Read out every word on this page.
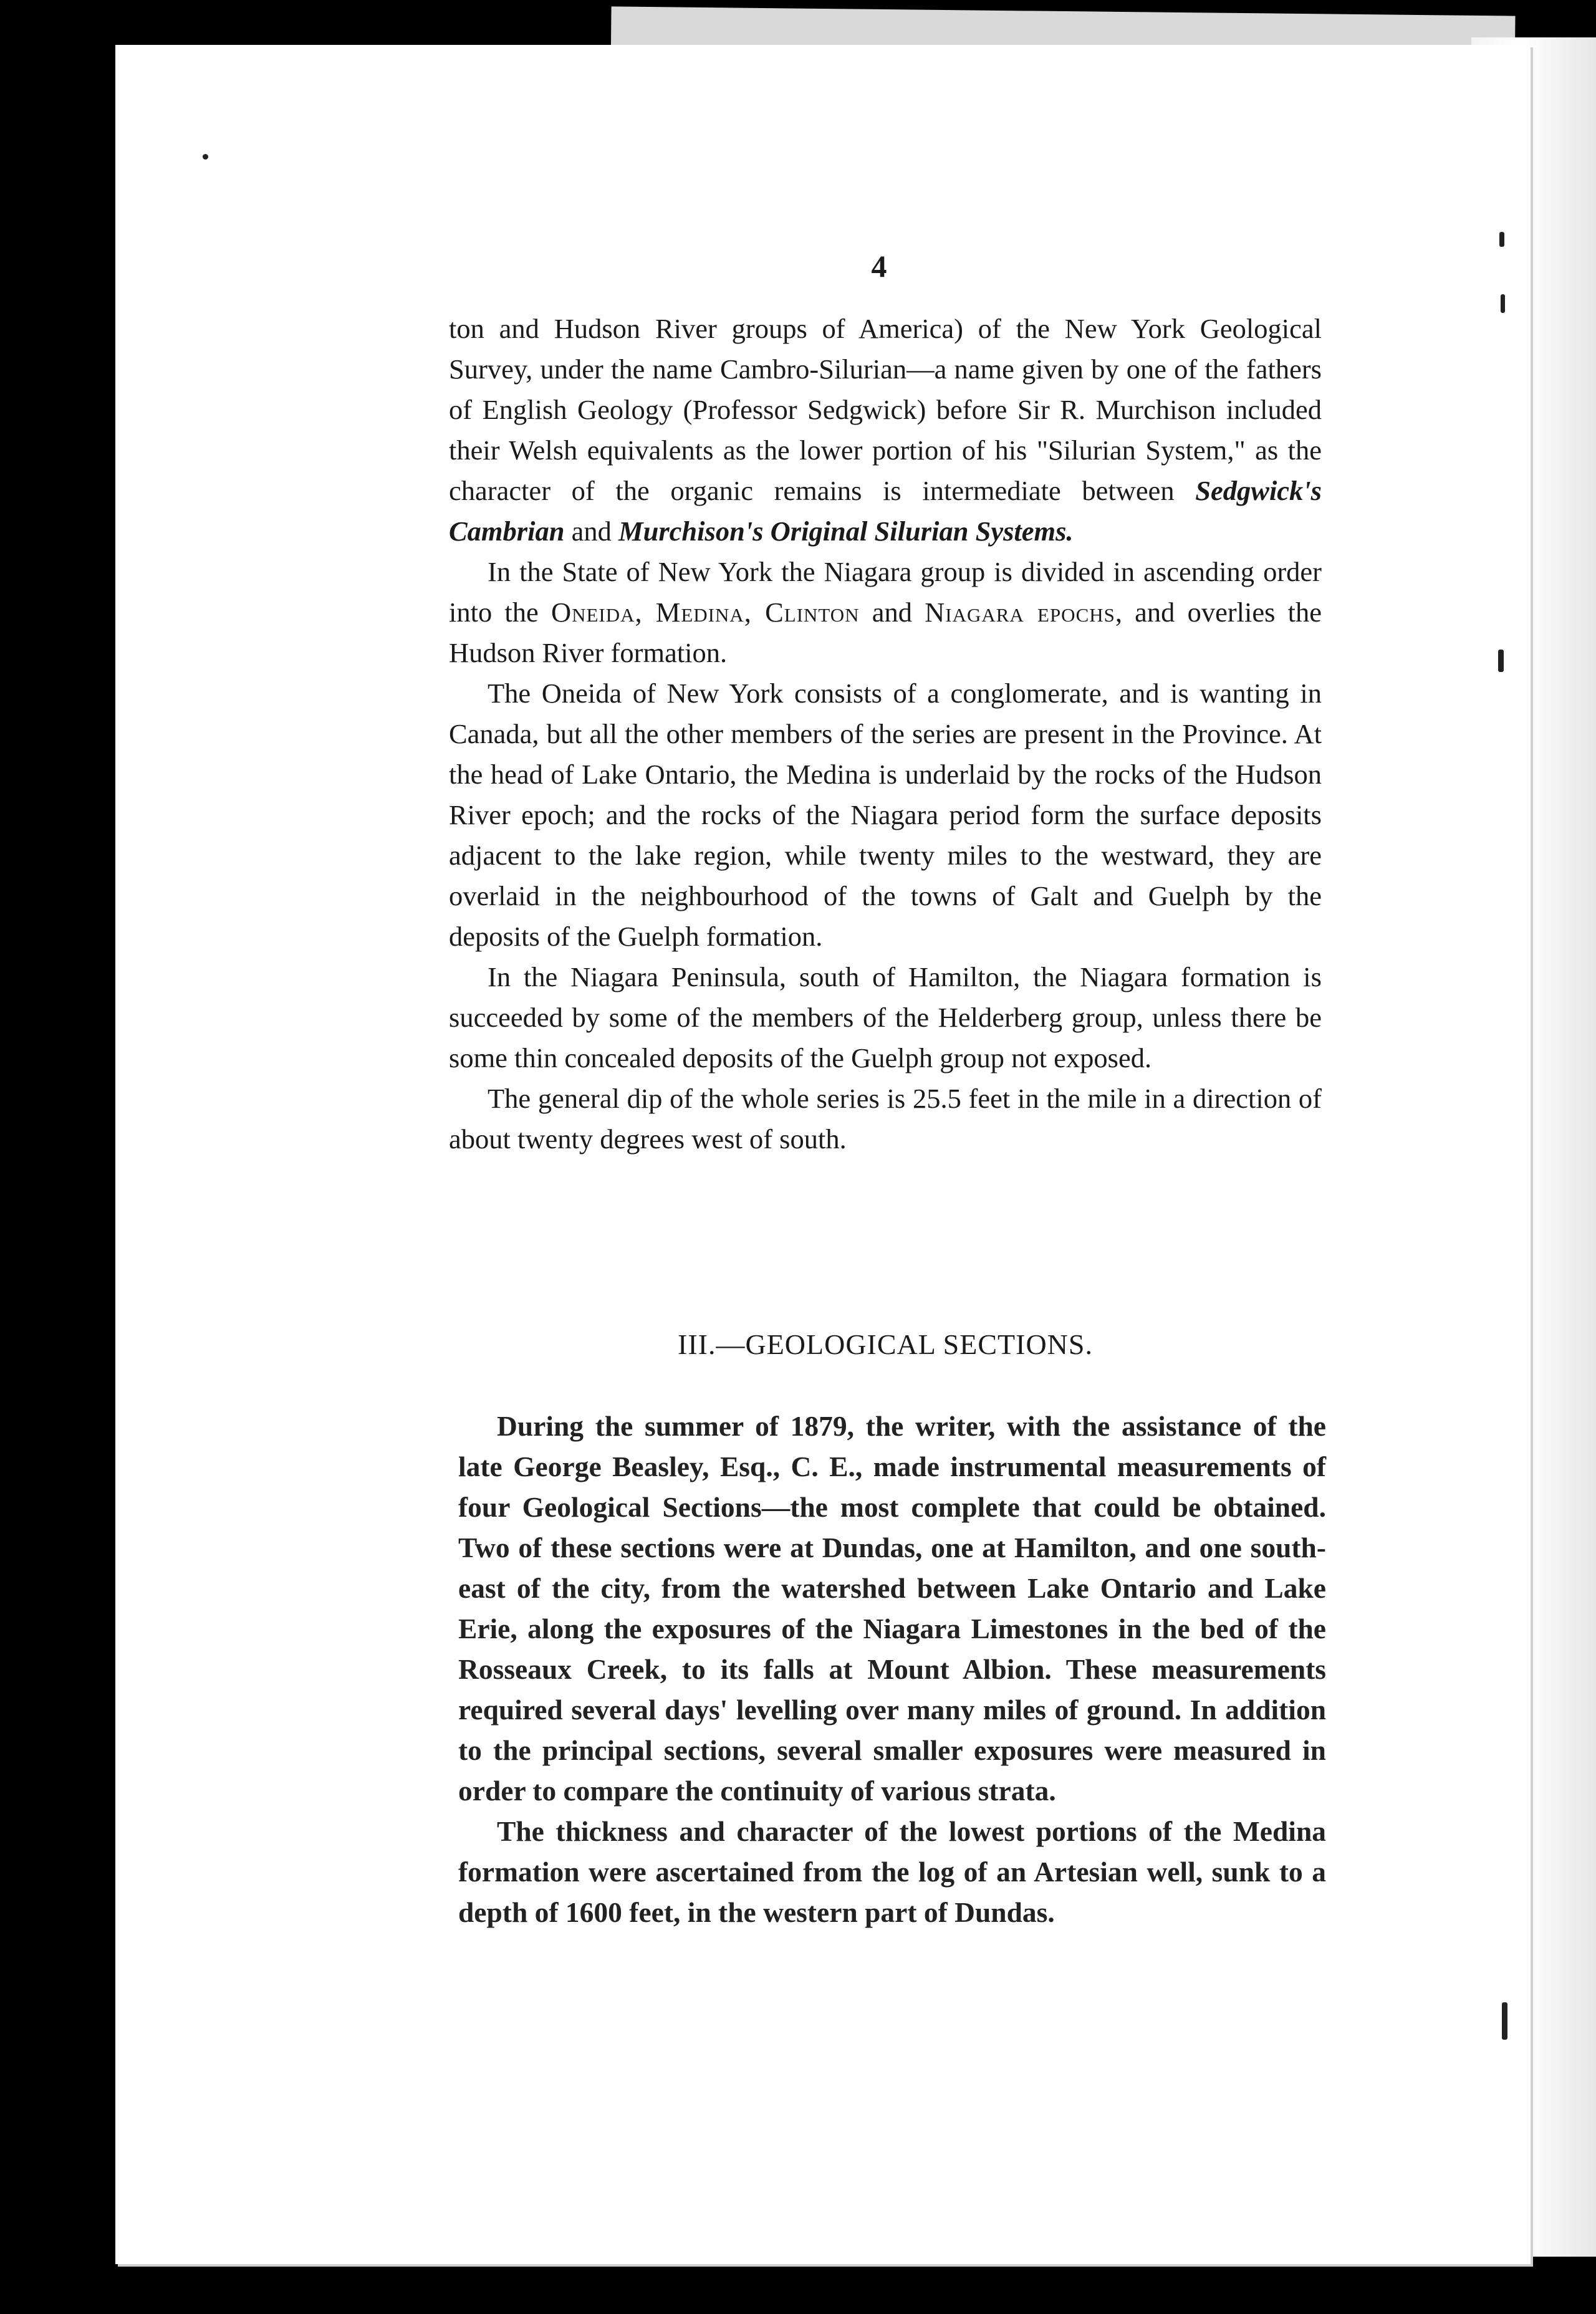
4

ton and Hudson River groups of America) of the New York Geological Survey, under the name Cambro-Silurian—a name given by one of the fathers of English Geology (Professor Sedgwick) before Sir R. Murchison included their Welsh equivalents as the lower portion of his "Silurian System," as the character of the organic remains is intermediate between Sedgwick's Cambrian and Murchison's Original Silurian Systems.

In the State of New York the Niagara group is divided in ascending order into the Oneida, Medina, Clinton and Niagara epochs, and overlies the Hudson River formation.

The Oneida of New York consists of a conglomerate, and is wanting in Canada, but all the other members of the series are present in the Province. At the head of Lake Ontario, the Medina is underlaid by the rocks of the Hudson River epoch; and the rocks of the Niagara period form the surface deposits adjacent to the lake region, while twenty miles to the westward, they are overlaid in the neighbourhood of the towns of Galt and Guelph by the deposits of the Guelph formation.

In the Niagara Peninsula, south of Hamilton, the Niagara formation is succeeded by some of the members of the Helderberg group, unless there be some thin concealed deposits of the Guelph group not exposed.

The general dip of the whole series is 25.5 feet in the mile in a direction of about twenty degrees west of south.

III.—GEOLOGICAL SECTIONS.

During the summer of 1879, the writer, with the assistance of the late George Beasley, Esq., C. E., made instrumental measurements of four Geological Sections—the most complete that could be obtained. Two of these sections were at Dundas, one at Hamilton, and one south-east of the city, from the watershed between Lake Ontario and Lake Erie, along the exposures of the Niagara Limestones in the bed of the Rosseaux Creek, to its falls at Mount Albion. These measurements required several days' levelling over many miles of ground. In addition to the principal sections, several smaller exposures were measured in order to compare the continuity of various strata.

The thickness and character of the lowest portions of the Medina formation were ascertained from the log of an Artesian well, sunk to a depth of 1600 feet, in the western part of Dundas.
